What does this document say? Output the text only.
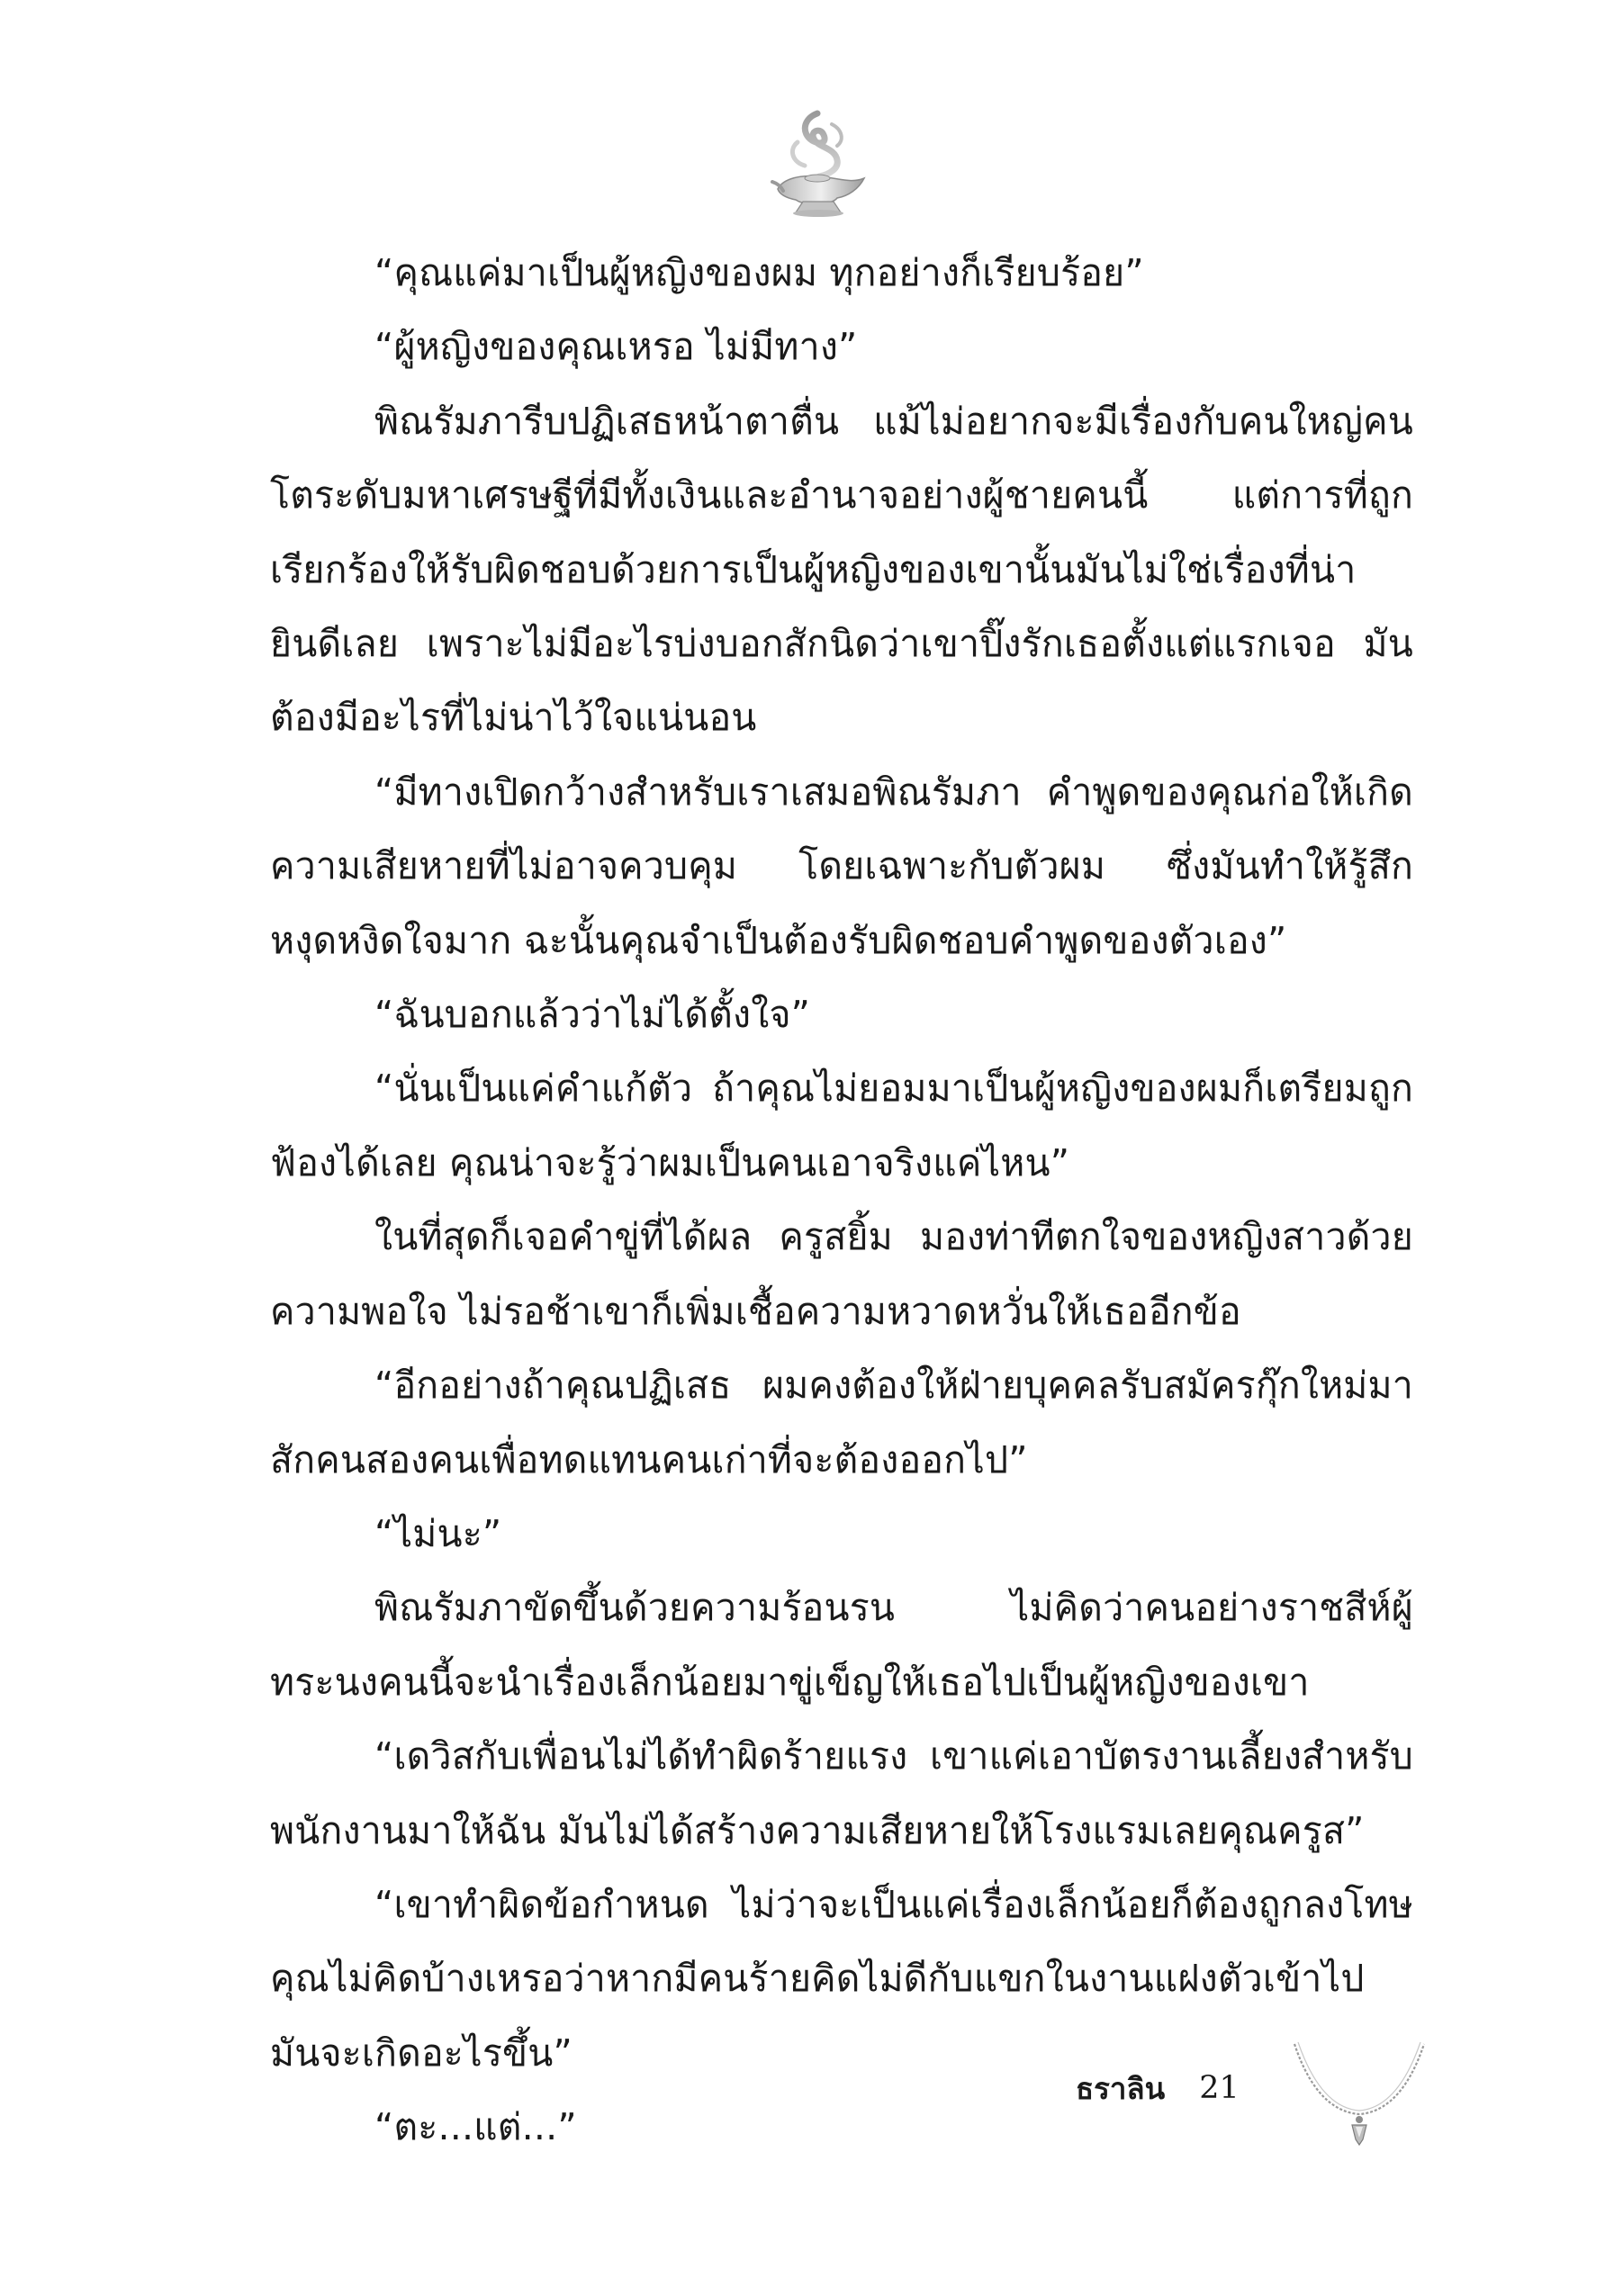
“คุณแค่มาเป็นผู้หญิงของผม ทุกอย่างก็เรียบร้อย”

“ผู้หญิงของคุณเหรอ ไม่มีทาง”

พิณรัมภารีบปฏิเสธหน้าตาตื่น แม้ไม่อยากจะมีเรื่องกับคนใหญ่คนโตระดับมหาเศรษฐีที่มีทั้งเงินและอำนาจอย่างผู้ชายคนนี้ แต่การที่ถูกเรียกร้องให้รับผิดชอบด้วยการเป็นผู้หญิงของเขานั้นมันไม่ใช่เรื่องที่น่ายินดีเลย เพราะไม่มีอะไรบ่งบอกสักนิดว่าเขาปิ๊งรักเธอตั้งแต่แรกเจอ มันต้องมีอะไรที่ไม่น่าไว้ใจแน่นอน

“มีทางเปิดกว้างสำหรับเราเสมอพิณรัมภา คำพูดของคุณก่อให้เกิดความเสียหายที่ไม่อาจควบคุม โดยเฉพาะกับตัวผม ซึ่งมันทำให้รู้สึกหงุดหงิดใจมาก ฉะนั้นคุณจำเป็นต้องรับผิดชอบคำพูดของตัวเอง”

“ฉันบอกแล้วว่าไม่ได้ตั้งใจ”

“นั่นเป็นแค่คำแก้ตัว ถ้าคุณไม่ยอมมาเป็นผู้หญิงของผมก็เตรียมถูกฟ้องได้เลย คุณน่าจะรู้ว่าผมเป็นคนเอาจริงแค่ไหน”

ในที่สุดก็เจอคำขู่ที่ได้ผล ครูสยิ้ม มองท่าทีตกใจของหญิงสาวด้วยความพอใจ ไม่รอช้าเขาก็เพิ่มเชื้อความหวาดหวั่นให้เธออีกข้อ

“อีกอย่างถ้าคุณปฏิเสธ ผมคงต้องให้ฝ่ายบุคคลรับสมัครกุ๊กใหม่มาสักคนสองคนเพื่อทดแทนคนเก่าที่จะต้องออกไป”

“ไม่นะ”

พิณรัมภาขัดขึ้นด้วยความร้อนรน ไม่คิดว่าคนอย่างราชสีห์ผู้ทระนงคนนี้จะนำเรื่องเล็กน้อยมาขู่เข็ญให้เธอไปเป็นผู้หญิงของเขา

“เดวิสกับเพื่อนไม่ได้ทำผิดร้ายแรง เขาแค่เอาบัตรงานเลี้ยงสำหรับพนักงานมาให้ฉัน มันไม่ได้สร้างความเสียหายให้โรงแรมเลยคุณครูส”

“เขาทำผิดข้อกำหนด ไม่ว่าจะเป็นแค่เรื่องเล็กน้อยก็ต้องถูกลงโทษคุณไม่คิดบ้างเหรอว่าหากมีคนร้ายคิดไม่ดีกับแขกในงานแฝงตัวเข้าไปมันจะเกิดอะไรขึ้น”

“ตะ...แต่...”

ธราลิน 21
